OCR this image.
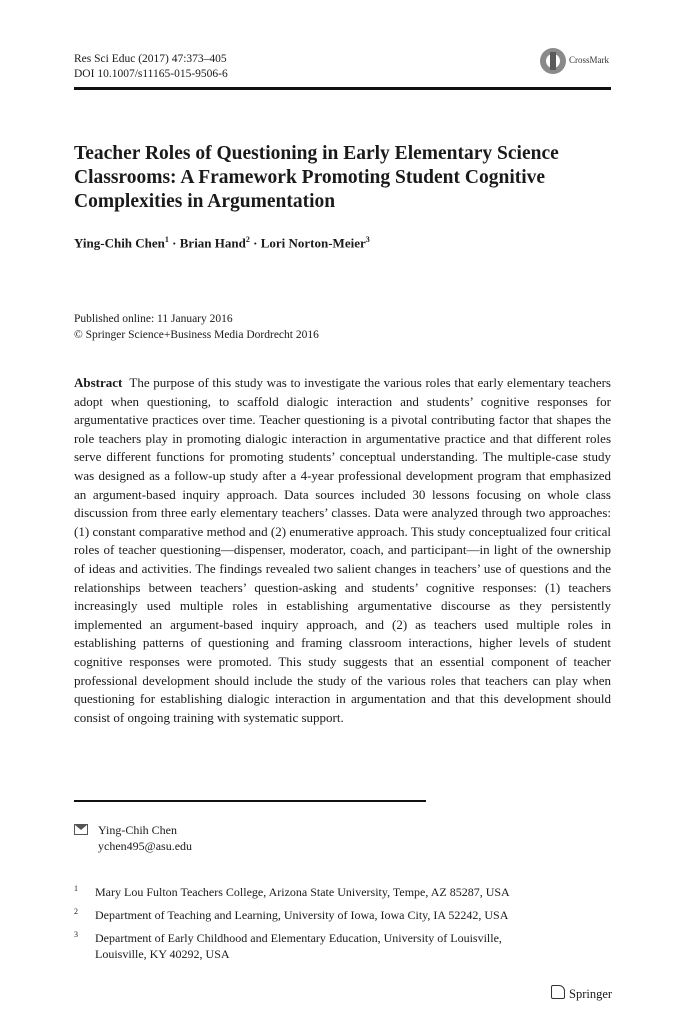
Res Sci Educ (2017) 47:373–405
DOI 10.1007/s11165-015-9506-6
CrossMark
Teacher Roles of Questioning in Early Elementary Science Classrooms: A Framework Promoting Student Cognitive Complexities in Argumentation
Ying-Chih Chen$^1$ · Brian Hand$^2$ · Lori Norton-Meier$^3$
Published online: 11 January 2016
© Springer Science+Business Media Dordrecht 2016
Abstract The purpose of this study was to investigate the various roles that early elementary teachers adopt when questioning, to scaffold dialogic interaction and students’ cognitive responses for argumentative practices over time. Teacher questioning is a pivotal contributing factor that shapes the role teachers play in promoting dialogic interaction in argumentative practice and that different roles serve different functions for promoting students’ conceptual understanding. The multiple-case study was designed as a follow-up study after a 4-year professional development program that emphasized an argument-based inquiry approach. Data sources included 30 lessons focusing on whole class discussion from three early elementary teachers’ classes. Data were analyzed through two approaches: (1) constant comparative method and (2) enumerative approach. This study conceptualized four critical roles of teacher questioning—dispenser, moderator, coach, and participant—in light of the ownership of ideas and activities. The findings revealed two salient changes in teachers’ use of questions and the relationships between teachers’ question-asking and students’ cognitive responses: (1) teachers increasingly used multiple roles in establishing argumentative discourse as they persistently implemented an argument-based inquiry approach, and (2) as teachers used multiple roles in establishing patterns of questioning and framing classroom interactions, higher levels of student cognitive responses were promoted. This study suggests that an essential component of teacher professional development should include the study of the various roles that teachers can play when questioning for establishing dialogic interaction in argumentation and that this development should consist of ongoing training with systematic support.
Ying-Chih Chen
ychen495@asu.edu
1	Mary Lou Fulton Teachers College, Arizona State University, Tempe, AZ 85287, USA
2	Department of Teaching and Learning, University of Iowa, Iowa City, IA 52242, USA
3	Department of Early Childhood and Elementary Education, University of Louisville, Louisville, KY 40292, USA
Springer
